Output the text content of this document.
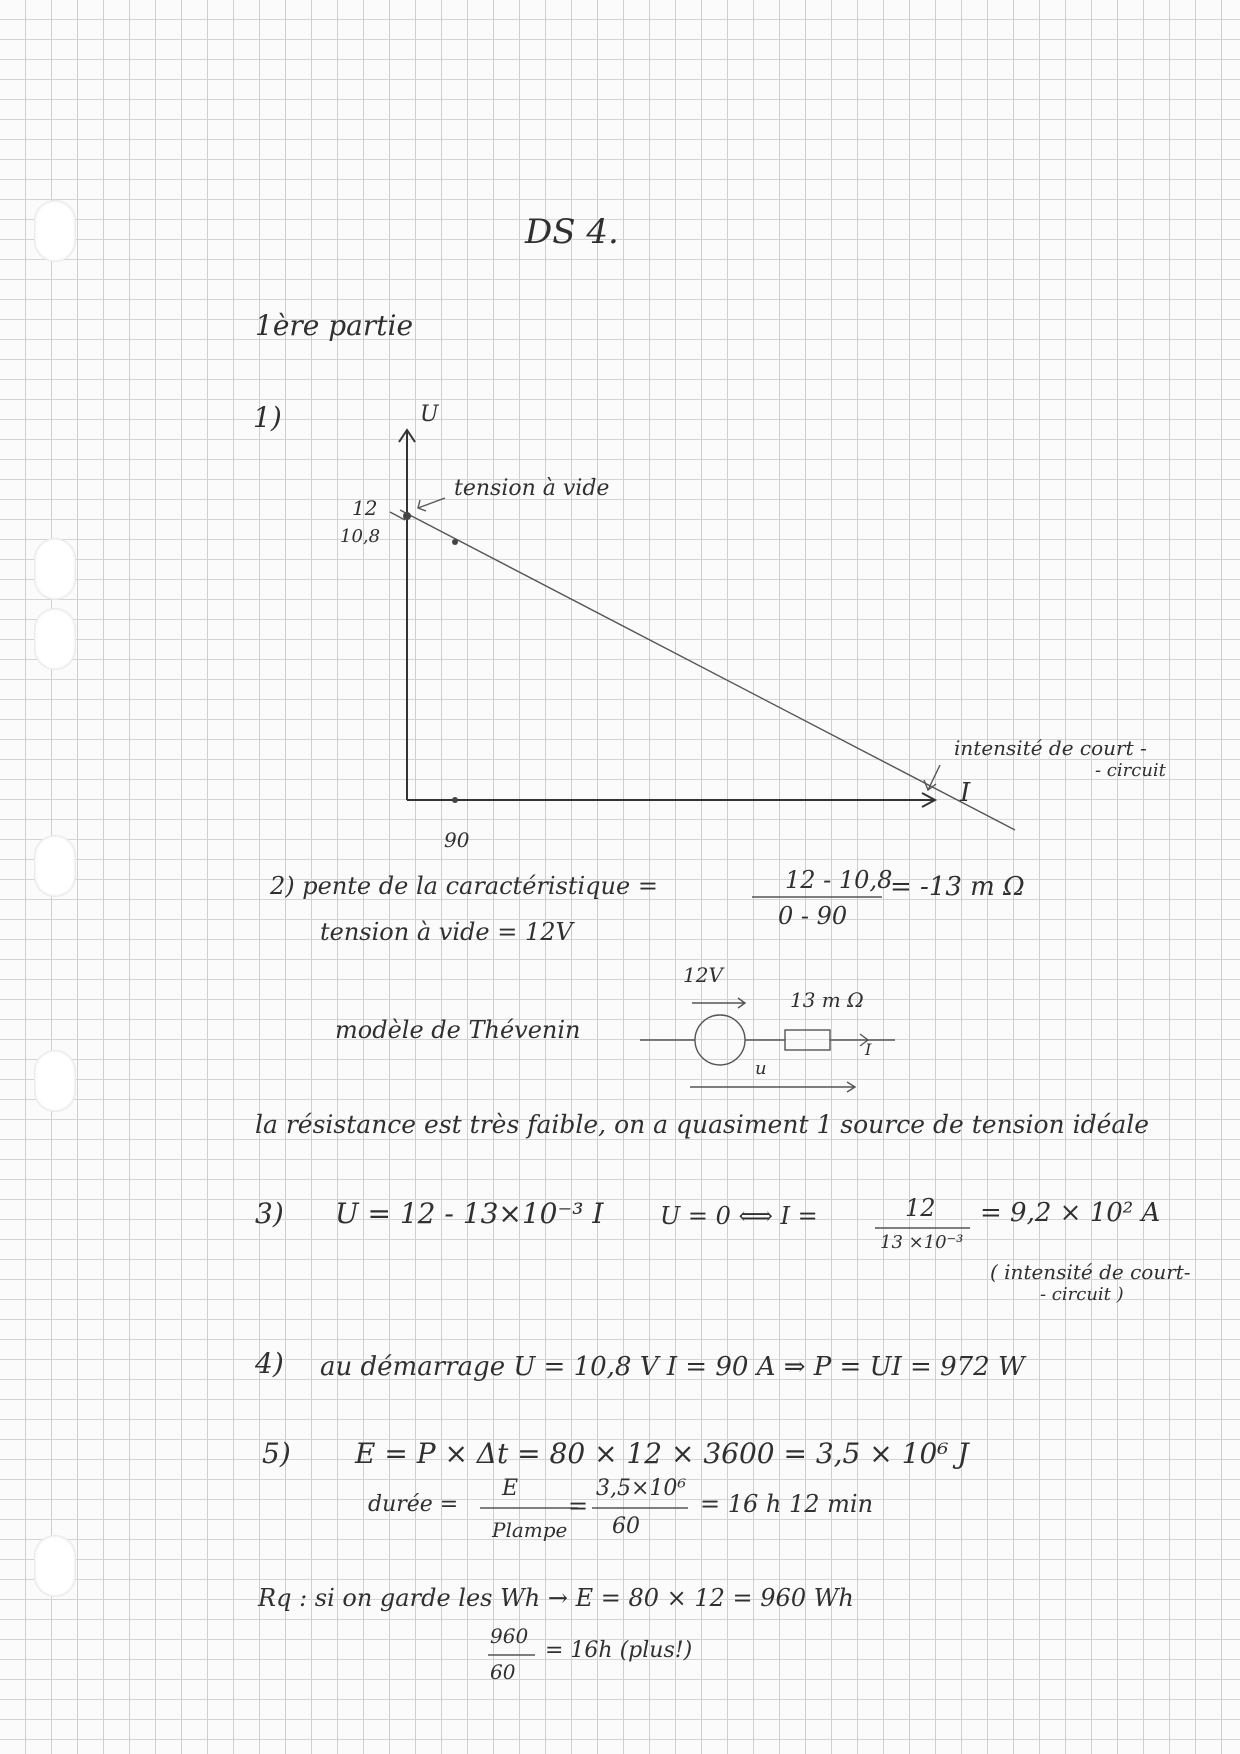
DS 4.
1ère partie
1)	U
tension à vide
12
10,8
intensité de court -
- circuit
I
90
2) pente de la caractéristique =	12 - 10,8
0 - 90
= -13 m Ω
tension à vide = 12V
modèle de Thévenin
12V
13 m Ω
I
u
la résistance est très faible, on a quasiment 1 source de tension idéale
3) U = 12 - 13×10⁻³ I U = 0 ⟺ I =	12
13 ×10⁻³
= 9,2 × 10² A
( intensité de court-
- circuit )
4) au démarrage U = 10,8 V I = 90 A ⇒ P = UI = 972 W
5) E = P × Δt = 80 × 12 × 3600 = 3,5 × 10⁶ J
durée =
E
Plampe
=
3,5×10⁶
60
= 16 h 12 min
Rq : si on garde les Wh → E = 80 × 12 = 960 Wh
960
60
= 16h (plus!)
